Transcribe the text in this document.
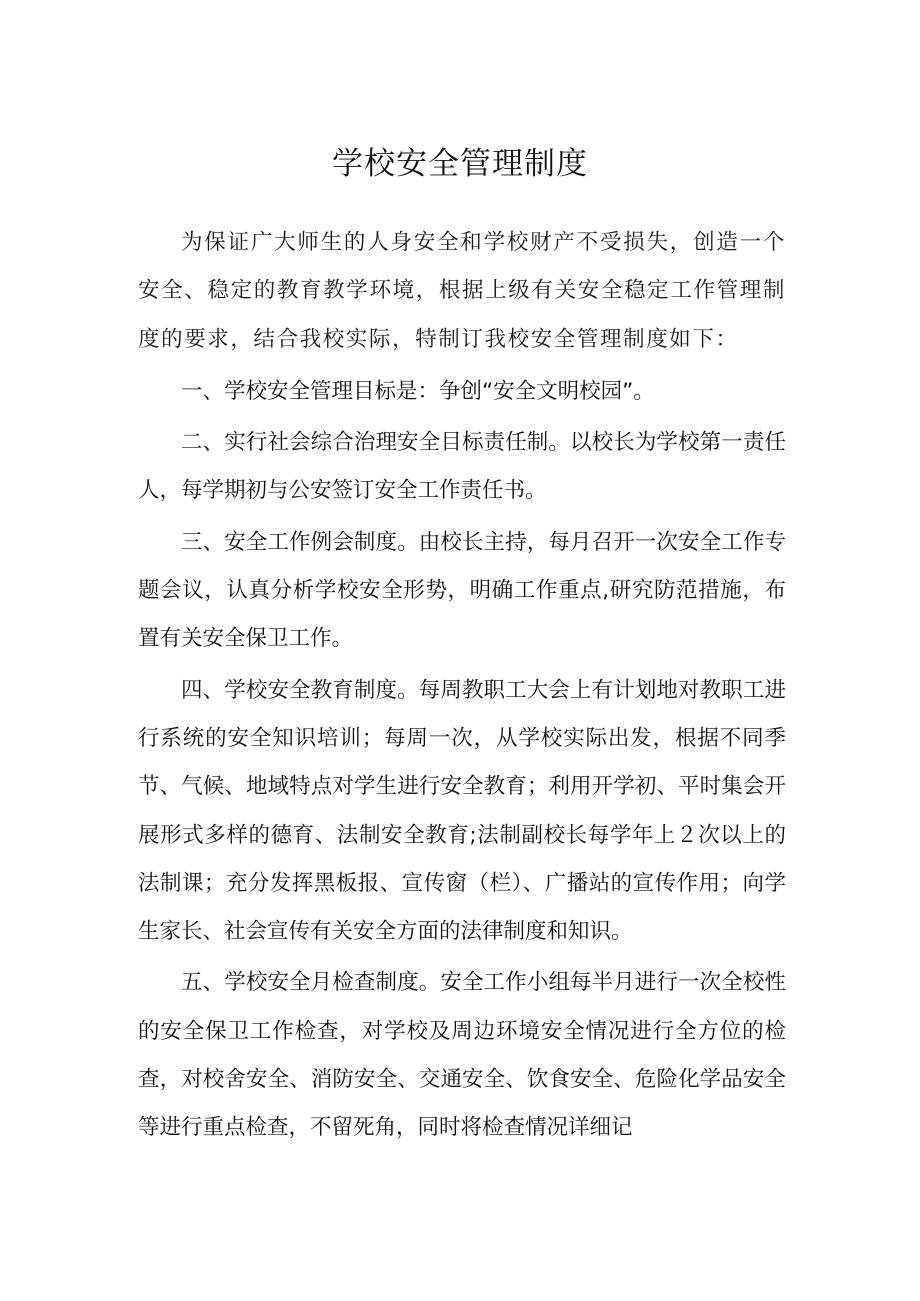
学校安全管理制度

为保证广大师生的人身安全和学校财产不受损失，创造一个安全、稳定的教育教学环境，根据上级有关安全稳定工作管理制度的要求，结合我校实际，特制订我校安全管理制度如下：

一、学校安全管理目标是：争创“安全文明校园”。

二、实行社会综合治理安全目标责任制。以校长为学校第一责任人，每学期初与公安签订安全工作责任书。

三、安全工作例会制度。由校长主持，每月召开一次安全工作专题会议，认真分析学校安全形势，明确工作重点,研究防范措施，布置有关安全保卫工作。

四、学校安全教育制度。每周教职工大会上有计划地对教职工进行系统的安全知识培训；每周一次，从学校实际出发，根据不同季节、气候、地域特点对学生进行安全教育；利用开学初、平时集会开展形式多样的德育、法制安全教育;法制副校长每学年上２次以上的法制课；充分发挥黑板报、宣传窗（栏）、广播站的宣传作用；向学生家长、社会宣传有关安全方面的法律制度和知识。

五、学校安全月检查制度。安全工作小组每半月进行一次全校性的安全保卫工作检查，对学校及周边环境安全情况进行全方位的检查，对校舍安全、消防安全、交通安全、饮食安全、危险化学品安全等进行重点检查，不留死角，同时将检查情况详细记
